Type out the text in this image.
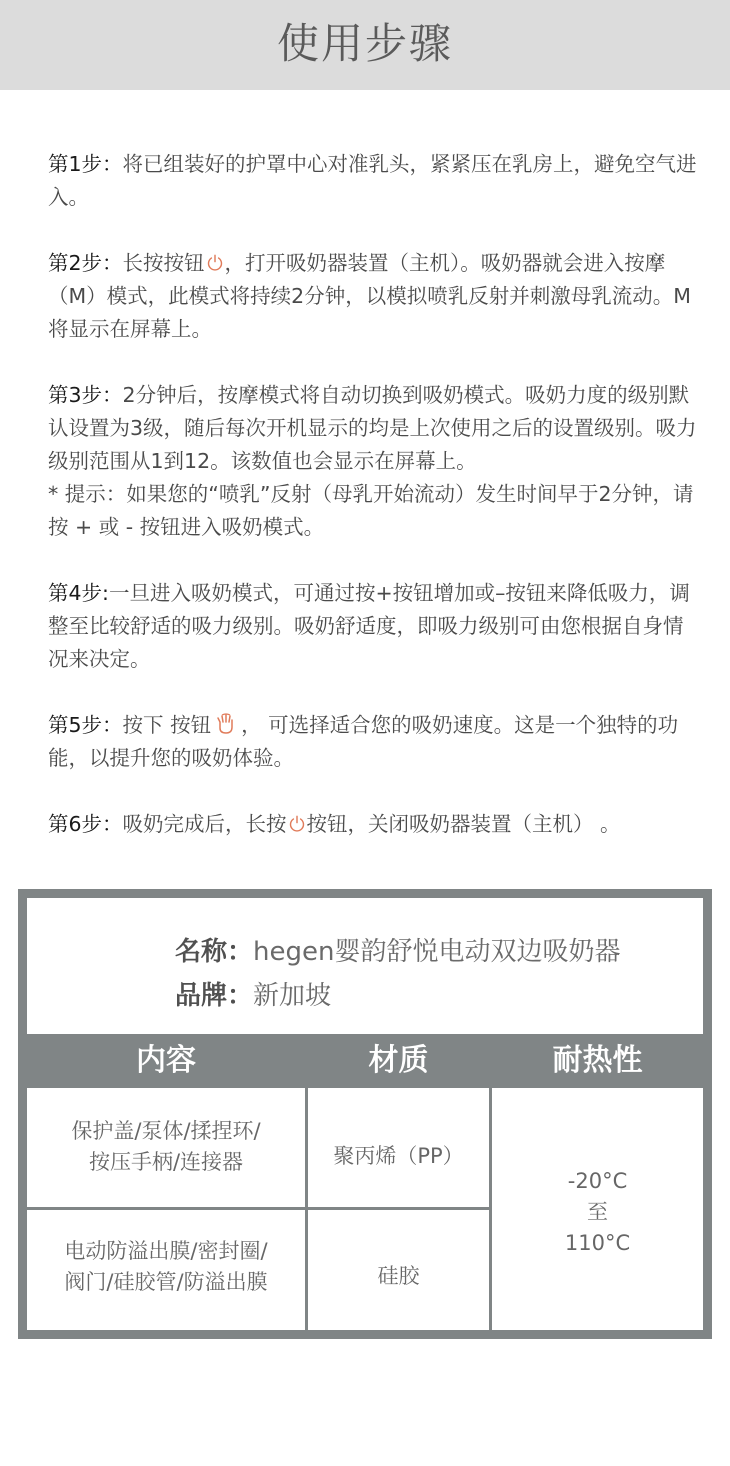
使用步骤

第1步：将已组装好的护罩中心对准乳头，紧紧压在乳房上，避免空气进入。

第2步：长按按钮 ，打开吸奶器装置（主机）。吸奶器就会进入按摩（M）模式，此模式将持续2分钟，以模拟喷乳反射并刺激母乳流动。M将显示在屏幕上。

第3步：2分钟后，按摩模式将自动切换到吸奶模式。吸奶力度的级别默认设置为3级，随后每次开机显示的均是上次使用之后的设置级别。吸力级别范围从1到12。该数值也会显示在屏幕上。

* 提示：如果您的“喷乳”反射（母乳开始流动）发生时间早于2分钟，请按 + 或 - 按钮进入吸奶模式。

第4步:一旦进入吸奶模式，可通过按+按钮增加或–按钮来降低吸力，调整至比较舒适的吸力级别。吸奶舒适度，即吸力级别可由您根据自身情况来决定。

第5步：按下 按钮 ， 可选择适合您的吸奶速度。这是一个独特的功能，以提升您的吸奶体验。

第6步：吸奶完成后，长按 按钮，关闭吸奶器装置（主机） 。

名称：hegen婴韵舒悦电动双边吸奶器
品牌：新加坡
内容	材质	耐热性
保护盖/泵体/揉捏环/
按压手柄/连接器	聚丙烯（PP）
电动防溢出膜/密封圈/
阀门/硅胶管/防溢出膜	硅胶
-20°C
至
110°C
